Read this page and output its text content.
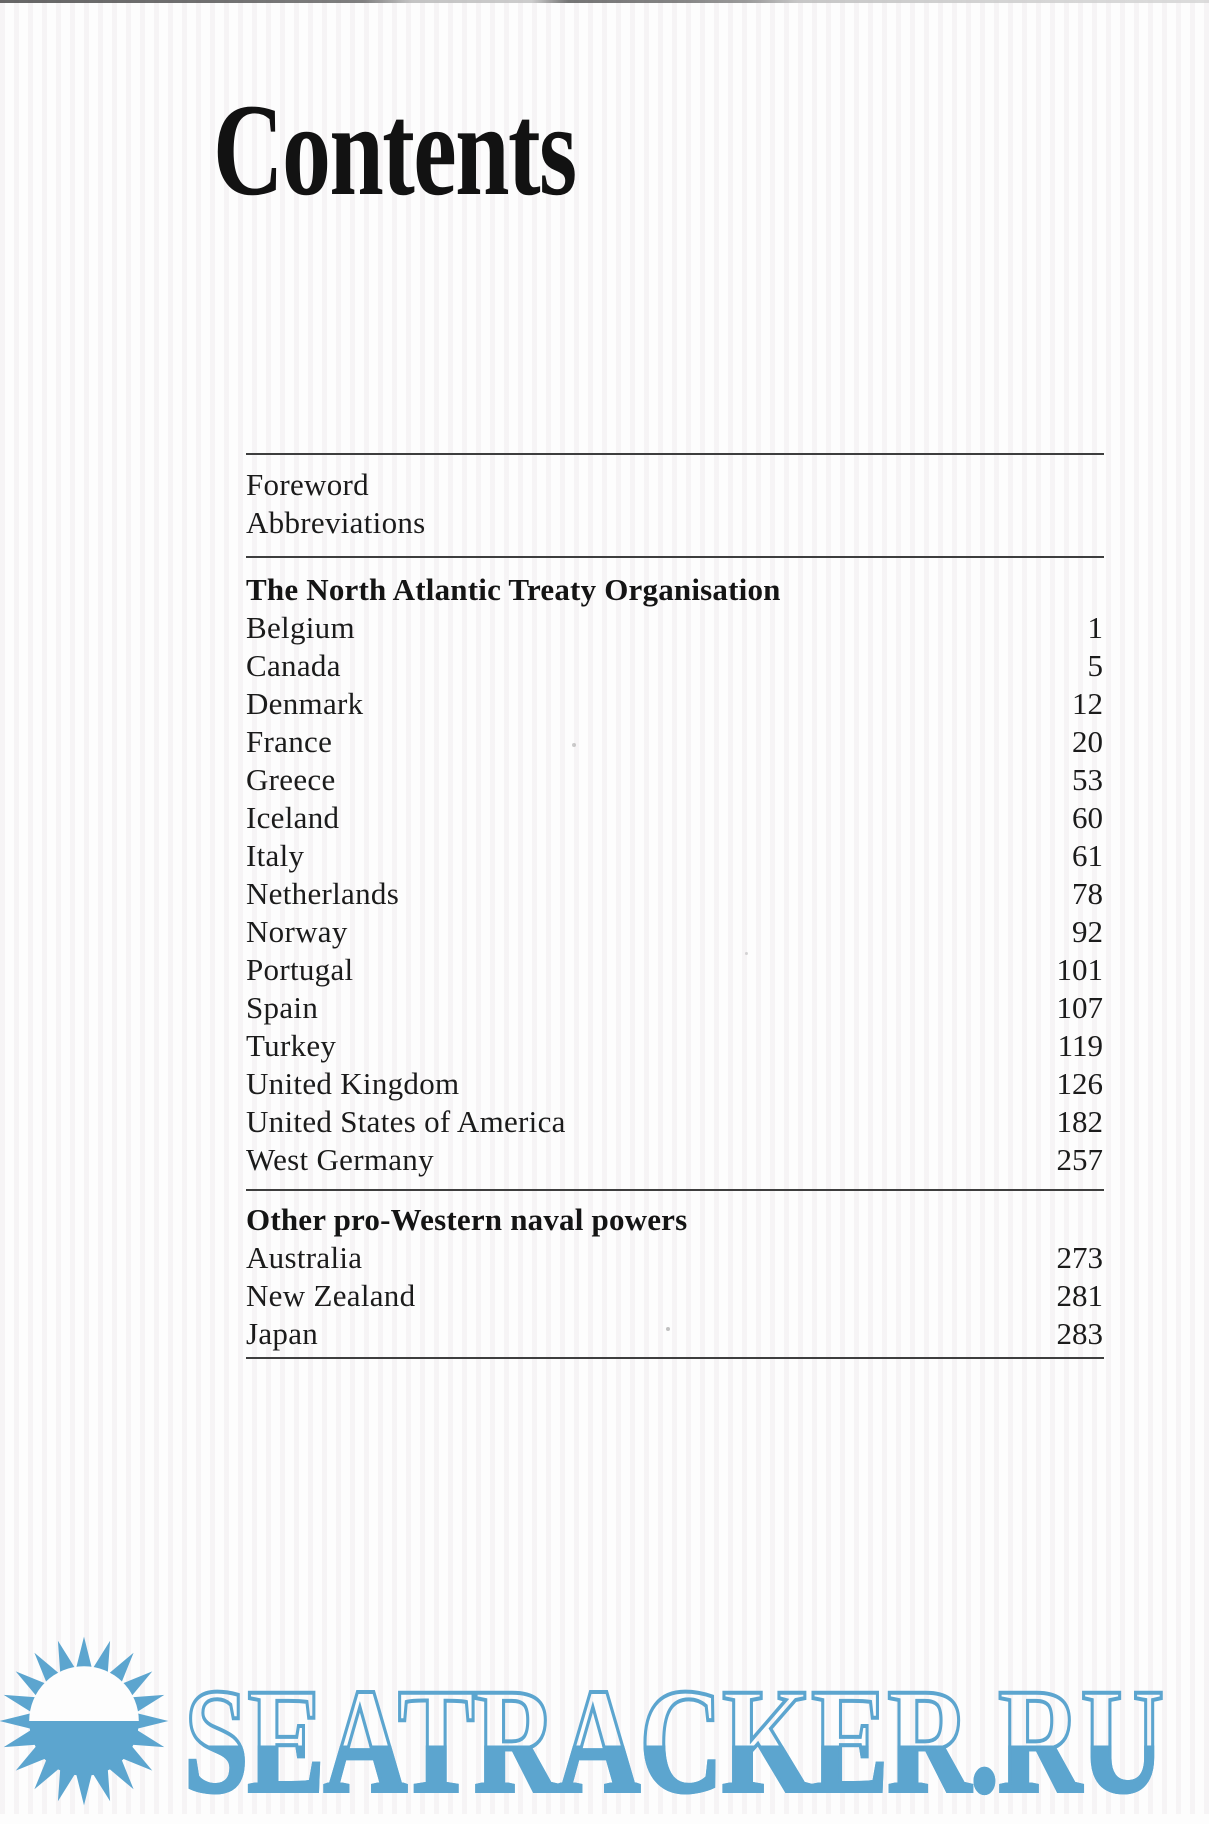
Contents
Foreword
Abbreviations
The North Atlantic Treaty Organisation
Belgium	1
Canada	5
Denmark	12
France	20
Greece	53
Iceland	60
Italy	61
Netherlands	78
Norway	92
Portugal	101
Spain	107
Turkey	119
United Kingdom	126
United States of America	182
West Germany	257
Other pro-Western naval powers
Australia	273
New Zealand	281
Japan	283
SEATRACKER.RU
